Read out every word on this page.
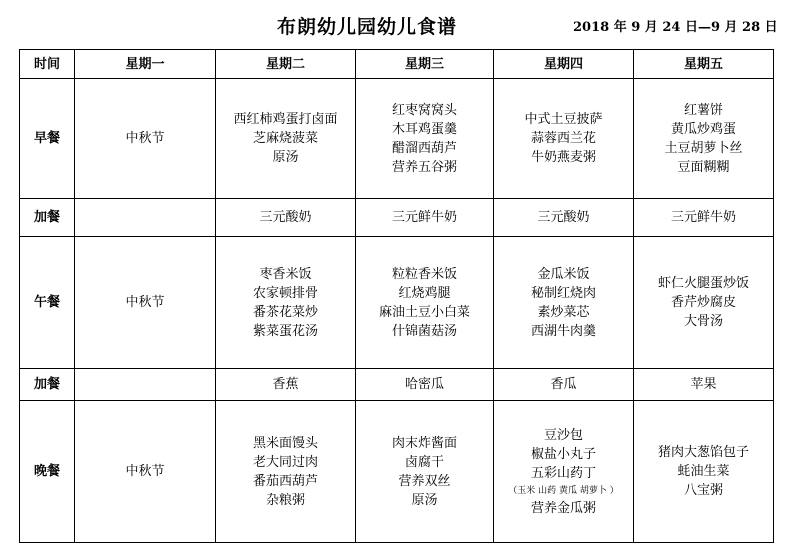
布朗幼儿园幼儿食谱	2018 年 9 月 24 日—9 月 28 日
时间	星期一	星期二	星期三	星期四	星期五
早餐	中秋节	西红柿鸡蛋打卤面
芝麻烧菠菜
原汤	红枣窝窝头
木耳鸡蛋羹
醋溜西葫芦
营养五谷粥	中式土豆披萨
蒜蓉西兰花
牛奶燕麦粥	红薯饼
黄瓜炒鸡蛋
土豆胡萝卜丝
豆面糊糊

加餐		三元酸奶	三元鲜牛奶	三元酸奶	三元鲜牛奶

午餐	中秋节	枣香米饭
农家顿排骨
番茶花菜炒
紫菜蛋花汤	粒粒香米饭
红烧鸡腿
麻油土豆小白菜
什锦菌菇汤	金瓜米饭
秘制红烧肉
素炒菜芯
西湖牛肉羹	虾仁火腿蛋炒饭
香芹炒腐皮
大骨汤

加餐		香蕉	哈密瓜	香瓜	苹果

晚餐	中秋节	黑米面馒头
老大同过肉
番茄西葫芦
杂粮粥	肉末炸酱面
卤腐干
营养双丝
原汤	豆沙包
椒盐小丸子
五彩山药丁
（玉米 山药 黄瓜 胡萝卜 ）
营养金瓜粥	猪肉大葱馅包子
蚝油生菜
八宝粥
